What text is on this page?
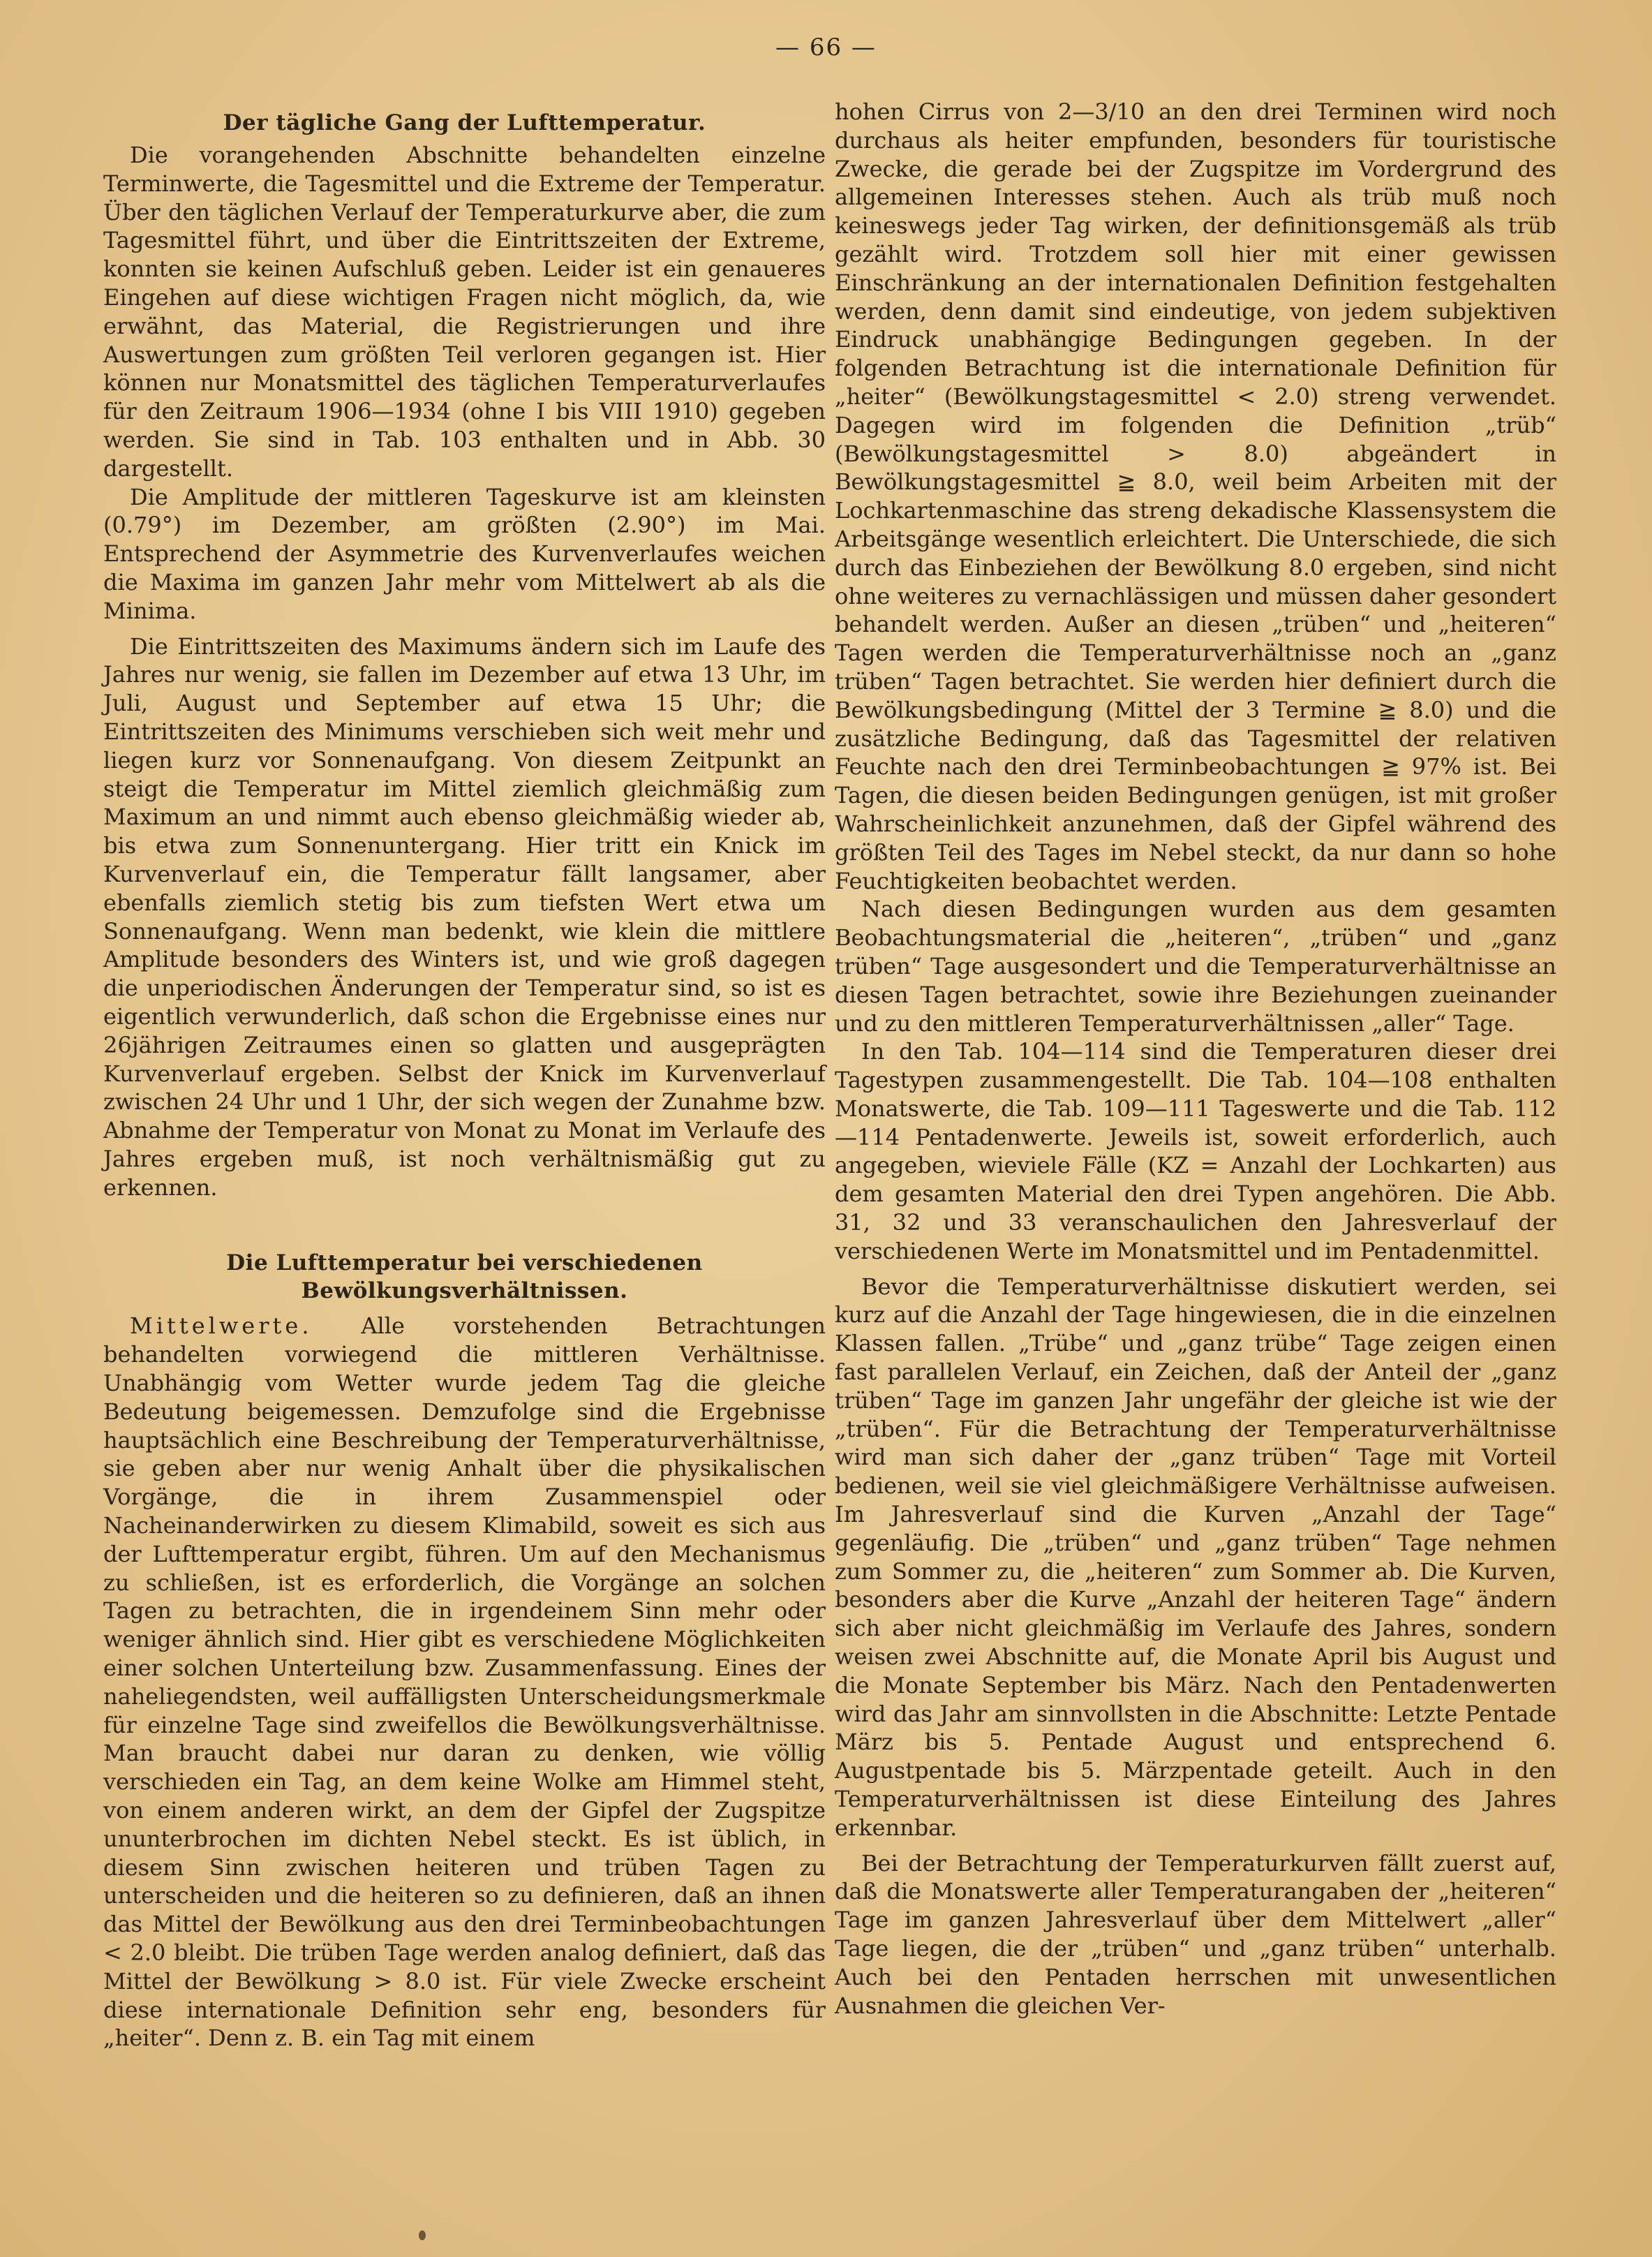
— 66 —
Der tägliche Gang der Lufttemperatur.

Die vorangehenden Abschnitte behandelten einzelne Terminwerte, die Tagesmittel und die Extreme der Temperatur. Über den täglichen Verlauf der Temperaturkurve aber, die zum Tagesmittel führt, und über die Eintrittszeiten der Extreme, konnten sie keinen Aufschluß geben. Leider ist ein genaueres Eingehen auf diese wichtigen Fragen nicht möglich, da, wie erwähnt, das Material, die Registrierungen und ihre Auswertungen zum größten Teil verloren gegangen ist. Hier können nur Monatsmittel des täglichen Temperaturverlaufes für den Zeitraum 1906—1934 (ohne I bis VIII 1910) gegeben werden. Sie sind in Tab. 103 enthalten und in Abb. 30 dargestellt.

Die Amplitude der mittleren Tageskurve ist am kleinsten (0.79°) im Dezember, am größten (2.90°) im Mai. Entsprechend der Asymmetrie des Kurvenverlaufes weichen die Maxima im ganzen Jahr mehr vom Mittelwert ab als die Minima.

Die Eintrittszeiten des Maximums ändern sich im Laufe des Jahres nur wenig, sie fallen im Dezember auf etwa 13 Uhr, im Juli, August und September auf etwa 15 Uhr; die Eintrittszeiten des Minimums verschieben sich weit mehr und liegen kurz vor Sonnenaufgang. Von diesem Zeitpunkt an steigt die Temperatur im Mittel ziemlich gleichmäßig zum Maximum an und nimmt auch ebenso gleichmäßig wieder ab, bis etwa zum Sonnenuntergang. Hier tritt ein Knick im Kurvenverlauf ein, die Temperatur fällt langsamer, aber ebenfalls ziemlich stetig bis zum tiefsten Wert etwa um Sonnenaufgang. Wenn man bedenkt, wie klein die mittlere Amplitude besonders des Winters ist, und wie groß dagegen die unperiodischen Änderungen der Temperatur sind, so ist es eigentlich verwunderlich, daß schon die Ergebnisse eines nur 26jährigen Zeitraumes einen so glatten und ausgeprägten Kurvenverlauf ergeben. Selbst der Knick im Kurvenverlauf zwischen 24 Uhr und 1 Uhr, der sich wegen der Zunahme bzw. Abnahme der Temperatur von Monat zu Monat im Verlaufe des Jahres ergeben muß, ist noch verhältnismäßig gut zu erkennen.

Die Lufttemperatur bei verschiedenen Bewölkungsverhältnissen.

Mittelwerte. Alle vorstehenden Betrachtungen behandelten vorwiegend die mittleren Verhältnisse. Unabhängig vom Wetter wurde jedem Tag die gleiche Bedeutung beigemessen. Demzufolge sind die Ergebnisse hauptsächlich eine Beschreibung der Temperaturverhältnisse, sie geben aber nur wenig Anhalt über die physikalischen Vorgänge, die in ihrem Zusammenspiel oder Nacheinanderwirken zu diesem Klimabild, soweit es sich aus der Lufttemperatur ergibt, führen. Um auf den Mechanismus zu schließen, ist es erforderlich, die Vorgänge an solchen Tagen zu betrachten, die in irgendeinem Sinn mehr oder weniger ähnlich sind. Hier gibt es verschiedene Möglichkeiten einer solchen Unterteilung bzw. Zusammenfassung. Eines der naheliegendsten, weil auffälligsten Unterscheidungsmerkmale für einzelne Tage sind zweifellos die Bewölkungsverhältnisse. Man braucht dabei nur daran zu denken, wie völlig verschieden ein Tag, an dem keine Wolke am Himmel steht, von einem anderen wirkt, an dem der Gipfel der Zugspitze ununterbrochen im dichten Nebel steckt. Es ist üblich, in diesem Sinn zwischen heiteren und trüben Tagen zu unterscheiden und die heiteren so zu definieren, daß an ihnen das Mittel der Bewölkung aus den drei Terminbeobachtungen < 2.0 bleibt. Die trüben Tage werden analog definiert, daß das Mittel der Bewölkung > 8.0 ist. Für viele Zwecke erscheint diese internationale Definition sehr eng, besonders für „heiter“. Denn z. B. ein Tag mit einem

hohen Cirrus von 2—3/10 an den drei Terminen wird noch durchaus als heiter empfunden, besonders für touristische Zwecke, die gerade bei der Zugspitze im Vordergrund des allgemeinen Interesses stehen. Auch als trüb muß noch keineswegs jeder Tag wirken, der definitionsgemäß als trüb gezählt wird. Trotzdem soll hier mit einer gewissen Einschränkung an der internationalen Definition festgehalten werden, denn damit sind eindeutige, von jedem subjektiven Eindruck unabhängige Bedingungen gegeben. In der folgenden Betrachtung ist die internationale Definition für „heiter“ (Bewölkungstagesmittel < 2.0) streng verwendet. Dagegen wird im folgenden die Definition „trüb“ (Bewölkungstagesmittel > 8.0) abgeändert in Bewölkungstagesmittel ≧ 8.0, weil beim Arbeiten mit der Lochkartenmaschine das streng dekadische Klassensystem die Arbeitsgänge wesentlich erleichtert. Die Unterschiede, die sich durch das Einbeziehen der Bewölkung 8.0 ergeben, sind nicht ohne weiteres zu vernachlässigen und müssen daher gesondert behandelt werden. Außer an diesen „trüben“ und „heiteren“ Tagen werden die Temperaturverhältnisse noch an „ganz trüben“ Tagen betrachtet. Sie werden hier definiert durch die Bewölkungsbedingung (Mittel der 3 Termine ≧ 8.0) und die zusätzliche Bedingung, daß das Tagesmittel der relativen Feuchte nach den drei Terminbeobachtungen ≧ 97% ist. Bei Tagen, die diesen beiden Bedingungen genügen, ist mit großer Wahrscheinlichkeit anzunehmen, daß der Gipfel während des größten Teil des Tages im Nebel steckt, da nur dann so hohe Feuchtigkeiten beobachtet werden.

Nach diesen Bedingungen wurden aus dem gesamten Beobachtungsmaterial die „heiteren“, „trüben“ und „ganz trüben“ Tage ausgesondert und die Temperaturverhältnisse an diesen Tagen betrachtet, sowie ihre Beziehungen zueinander und zu den mittleren Temperaturverhältnissen „aller“ Tage.

In den Tab. 104—114 sind die Temperaturen dieser drei Tagestypen zusammengestellt. Die Tab. 104—108 enthalten Monatswerte, die Tab. 109—111 Tageswerte und die Tab. 112—114 Pentadenwerte. Jeweils ist, soweit erforderlich, auch angegeben, wieviele Fälle (KZ = Anzahl der Lochkarten) aus dem gesamten Material den drei Typen angehören. Die Abb. 31, 32 und 33 veranschaulichen den Jahresverlauf der verschiedenen Werte im Monatsmittel und im Pentadenmittel.

Bevor die Temperaturverhältnisse diskutiert werden, sei kurz auf die Anzahl der Tage hingewiesen, die in die einzelnen Klassen fallen. „Trübe“ und „ganz trübe“ Tage zeigen einen fast parallelen Verlauf, ein Zeichen, daß der Anteil der „ganz trüben“ Tage im ganzen Jahr ungefähr der gleiche ist wie der „trüben“. Für die Betrachtung der Temperaturverhältnisse wird man sich daher der „ganz trüben“ Tage mit Vorteil bedienen, weil sie viel gleichmäßigere Verhältnisse aufweisen. Im Jahresverlauf sind die Kurven „Anzahl der Tage“ gegenläufig. Die „trüben“ und „ganz trüben“ Tage nehmen zum Sommer zu, die „heiteren“ zum Sommer ab. Die Kurven, besonders aber die Kurve „Anzahl der heiteren Tage“ ändern sich aber nicht gleichmäßig im Verlaufe des Jahres, sondern weisen zwei Abschnitte auf, die Monate April bis August und die Monate September bis März. Nach den Pentadenwerten wird das Jahr am sinnvollsten in die Abschnitte: Letzte Pentade März bis 5. Pentade August und entsprechend 6. Augustpentade bis 5. Märzpentade geteilt. Auch in den Temperaturverhältnissen ist diese Einteilung des Jahres erkennbar.

Bei der Betrachtung der Temperaturkurven fällt zuerst auf, daß die Monatswerte aller Temperaturangaben der „heiteren“ Tage im ganzen Jahresverlauf über dem Mittelwert „aller“ Tage liegen, die der „trüben“ und „ganz trüben“ unterhalb. Auch bei den Pentaden herrschen mit unwesentlichen Ausnahmen die gleichen Ver-
